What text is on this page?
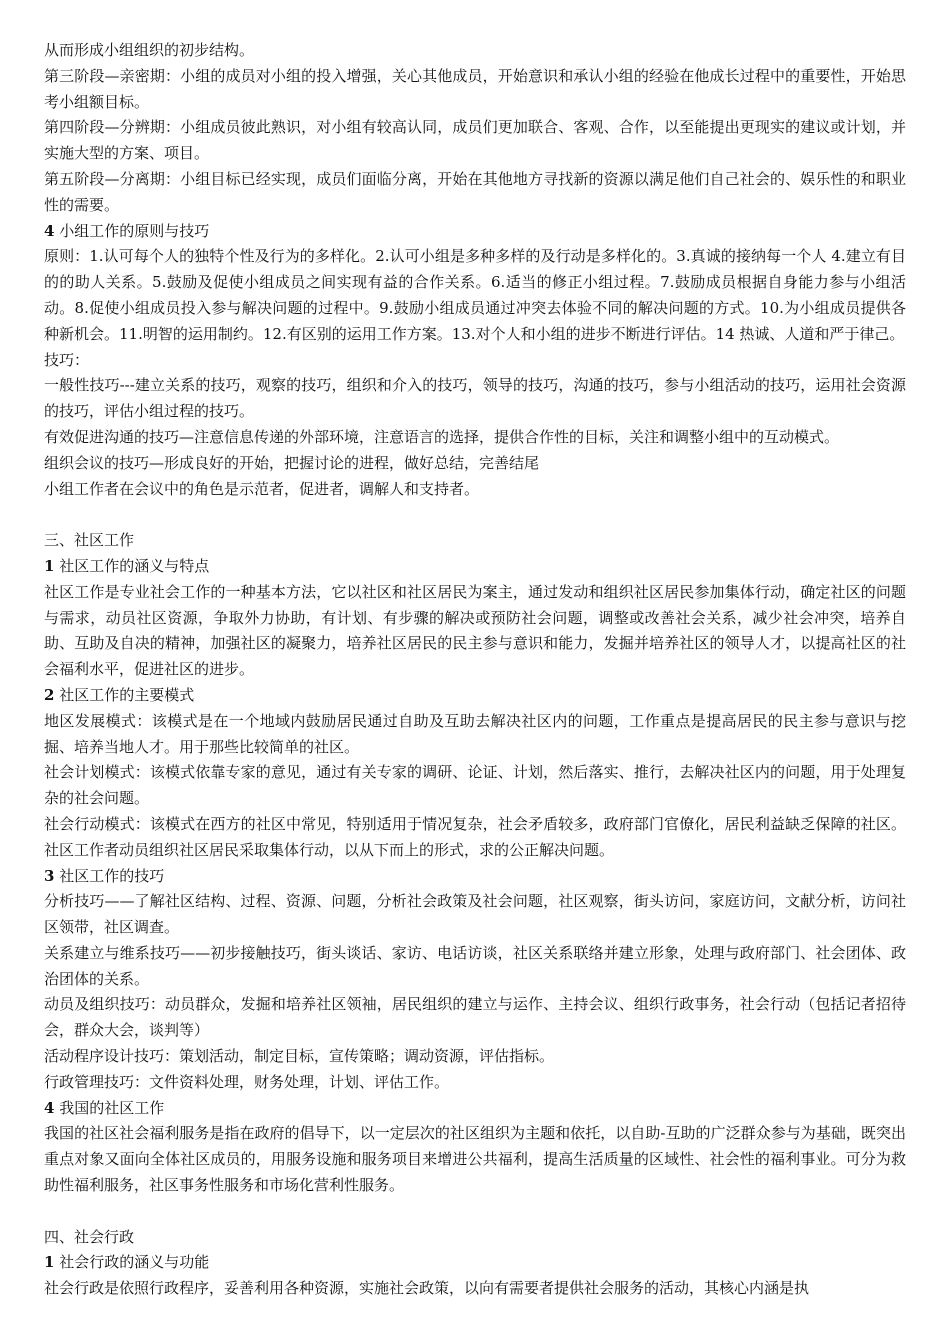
从而形成小组组织的初步结构。

第三阶段—亲密期：小组的成员对小组的投入增强，关心其他成员，开始意识和承认小组的经验在他成长过程中的重要性，开始思考小组额目标。

第四阶段—分辨期：小组成员彼此熟识，对小组有较高认同，成员们更加联合、客观、合作，以至能提出更现实的建议或计划，并实施大型的方案、项目。

第五阶段—分离期：小组目标已经实现，成员们面临分离，开始在其他地方寻找新的资源以满足他们自己社会的、娱乐性的和职业性的需要。

4 小组工作的原则与技巧

原则：1.认可每个人的独特个性及行为的多样化。2.认可小组是多种多样的及行动是多样化的。3.真诚的接纳每一个人 4.建立有目的的助人关系。5.鼓励及促使小组成员之间实现有益的合作关系。6.适当的修正小组过程。7.鼓励成员根据自身能力参与小组活动。8.促使小组成员投入参与解决问题的过程中。9.鼓励小组成员通过冲突去体验不同的解决问题的方式。10.为小组成员提供各种新机会。11.明智的运用制约。12.有区别的运用工作方案。13.对个人和小组的进步不断进行评估。14 热诚、人道和严于律己。

技巧：

一般性技巧---建立关系的技巧，观察的技巧，组织和介入的技巧，领导的技巧，沟通的技巧，参与小组活动的技巧，运用社会资源的技巧，评估小组过程的技巧。

有效促进沟通的技巧—注意信息传递的外部环境，注意语言的选择，提供合作性的目标，关注和调整小组中的互动模式。

组织会议的技巧—形成良好的开始，把握讨论的进程，做好总结，完善结尾

小组工作者在会议中的角色是示范者，促进者，调解人和支持者。

三、社区工作

1 社区工作的涵义与特点

社区工作是专业社会工作的一种基本方法，它以社区和社区居民为案主，通过发动和组织社区居民参加集体行动，确定社区的问题与需求，动员社区资源，争取外力协助，有计划、有步骤的解决或预防社会问题，调整或改善社会关系，减少社会冲突，培养自助、互助及自决的精神，加强社区的凝聚力，培养社区居民的民主参与意识和能力，发掘并培养社区的领导人才，以提高社区的社会福利水平，促进社区的进步。

2 社区工作的主要模式

地区发展模式：该模式是在一个地域内鼓励居民通过自助及互助去解决社区内的问题，工作重点是提高居民的民主参与意识与挖掘、培养当地人才。用于那些比较简单的社区。

社会计划模式：该模式依靠专家的意见，通过有关专家的调研、论证、计划，然后落实、推行，去解决社区内的问题，用于处理复杂的社会问题。

社会行动模式：该模式在西方的社区中常见，特别适用于情况复杂，社会矛盾较多，政府部门官僚化，居民利益缺乏保障的社区。社区工作者动员组织社区居民采取集体行动，以从下而上的形式，求的公正解决问题。

3 社区工作的技巧

分析技巧——了解社区结构、过程、资源、问题，分析社会政策及社会问题，社区观察，街头访问，家庭访问，文献分析，访问社区领带，社区调查。

关系建立与维系技巧——初步接触技巧，街头谈话、家访、电话访谈，社区关系联络并建立形象，处理与政府部门、社会团体、政治团体的关系。

动员及组织技巧：动员群众，发掘和培养社区领袖，居民组织的建立与运作、主持会议、组织行政事务，社会行动（包括记者招待会，群众大会，谈判等）

活动程序设计技巧：策划活动，制定目标，宣传策略；调动资源，评估指标。

行政管理技巧：文件资料处理，财务处理，计划、评估工作。

4 我国的社区工作

我国的社区社会福利服务是指在政府的倡导下，以一定层次的社区组织为主题和依托，以自助-互助的广泛群众参与为基础，既突出重点对象又面向全体社区成员的，用服务设施和服务项目来增进公共福利，提高生活质量的区域性、社会性的福利事业。可分为救助性福利服务，社区事务性服务和市场化营利性服务。

四、社会行政

1 社会行政的涵义与功能

社会行政是依照行政程序，妥善利用各种资源，实施社会政策，以向有需要者提供社会服务的活动，其核心内涵是执
